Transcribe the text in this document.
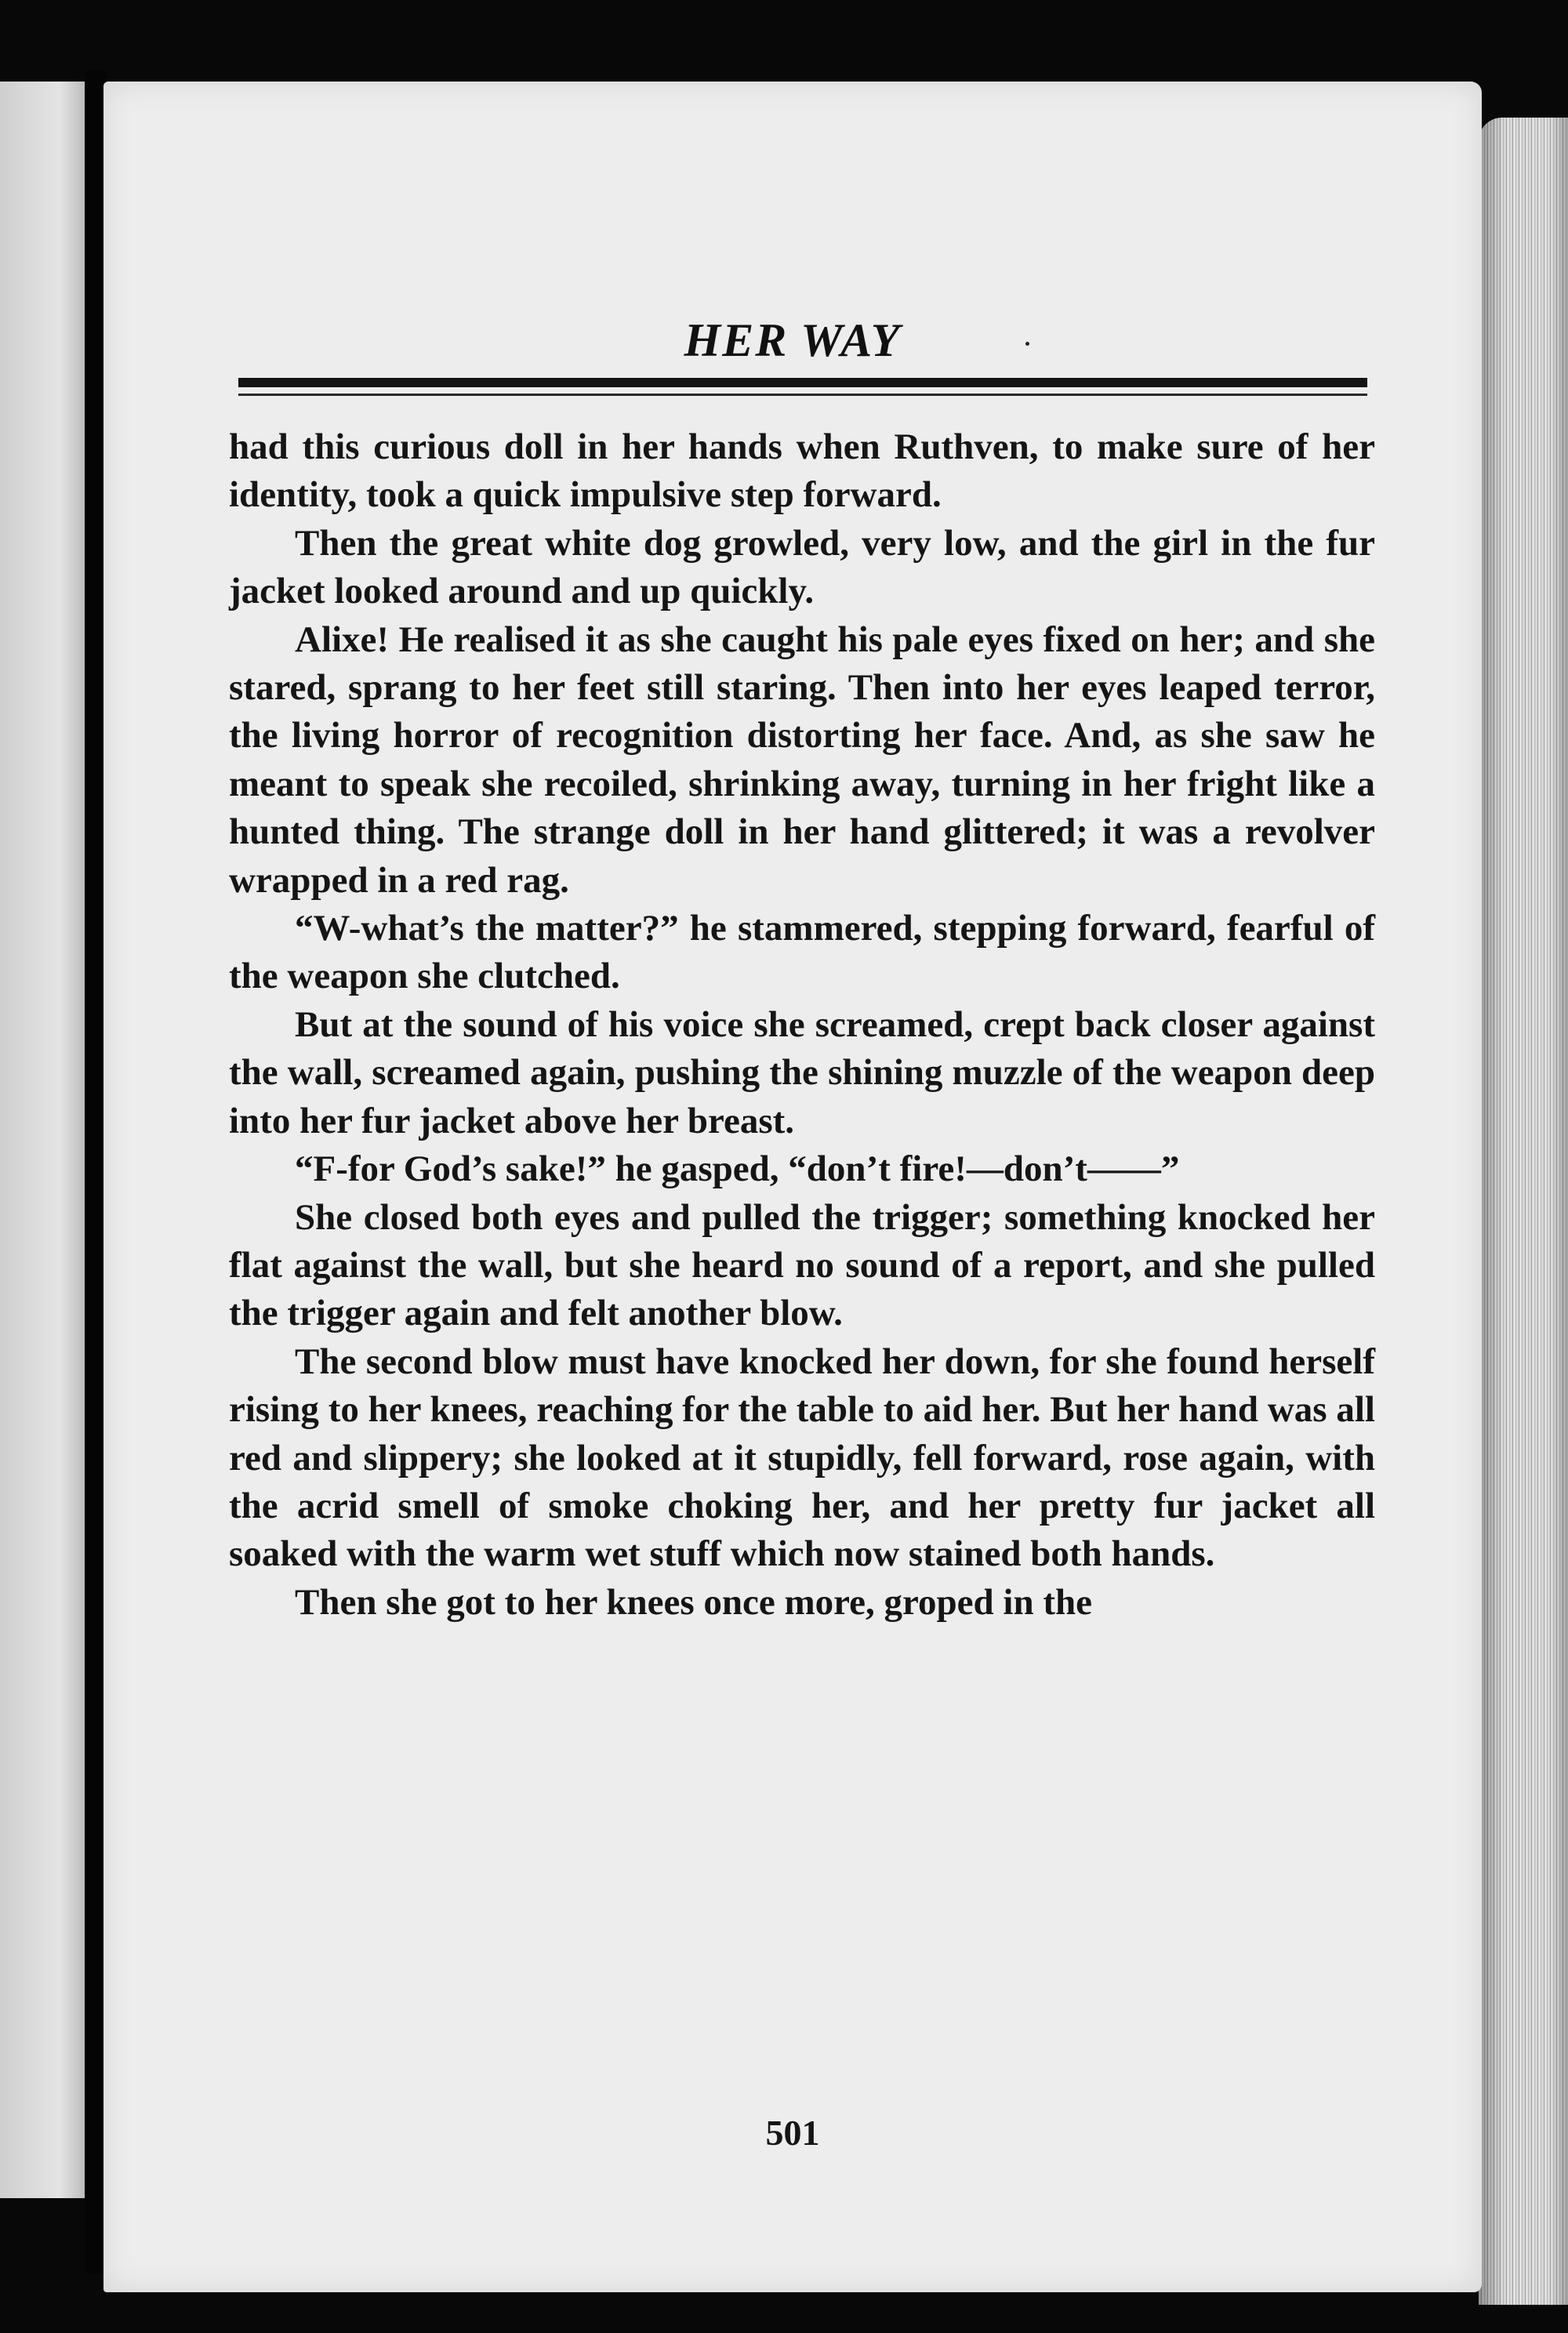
HER WAY

had this curious doll in her hands when Ruthven, to make sure of her identity, took a quick impulsive step forward.

Then the great white dog growled, very low, and the girl in the fur jacket looked around and up quickly.

Alixe! He realised it as she caught his pale eyes fixed on her; and she stared, sprang to her feet still staring. Then into her eyes leaped terror, the living horror of recognition distorting her face. And, as she saw he meant to speak she recoiled, shrinking away, turning in her fright like a hunted thing. The strange doll in her hand glittered; it was a revolver wrapped in a red rag.

“W-what’s the matter?” he stammered, stepping forward, fearful of the weapon she clutched.

But at the sound of his voice she screamed, crept back closer against the wall, screamed again, pushing the shining muzzle of the weapon deep into her fur jacket above her breast.

“F-for God’s sake!” he gasped, “don’t fire!—don’t——”

She closed both eyes and pulled the trigger; something knocked her flat against the wall, but she heard no sound of a report, and she pulled the trigger again and felt another blow.

The second blow must have knocked her down, for she found herself rising to her knees, reaching for the table to aid her. But her hand was all red and slippery; she looked at it stupidly, fell forward, rose again, with the acrid smell of smoke choking her, and her pretty fur jacket all soaked with the warm wet stuff which now stained both hands.

Then she got to her knees once more, groped in the

501
